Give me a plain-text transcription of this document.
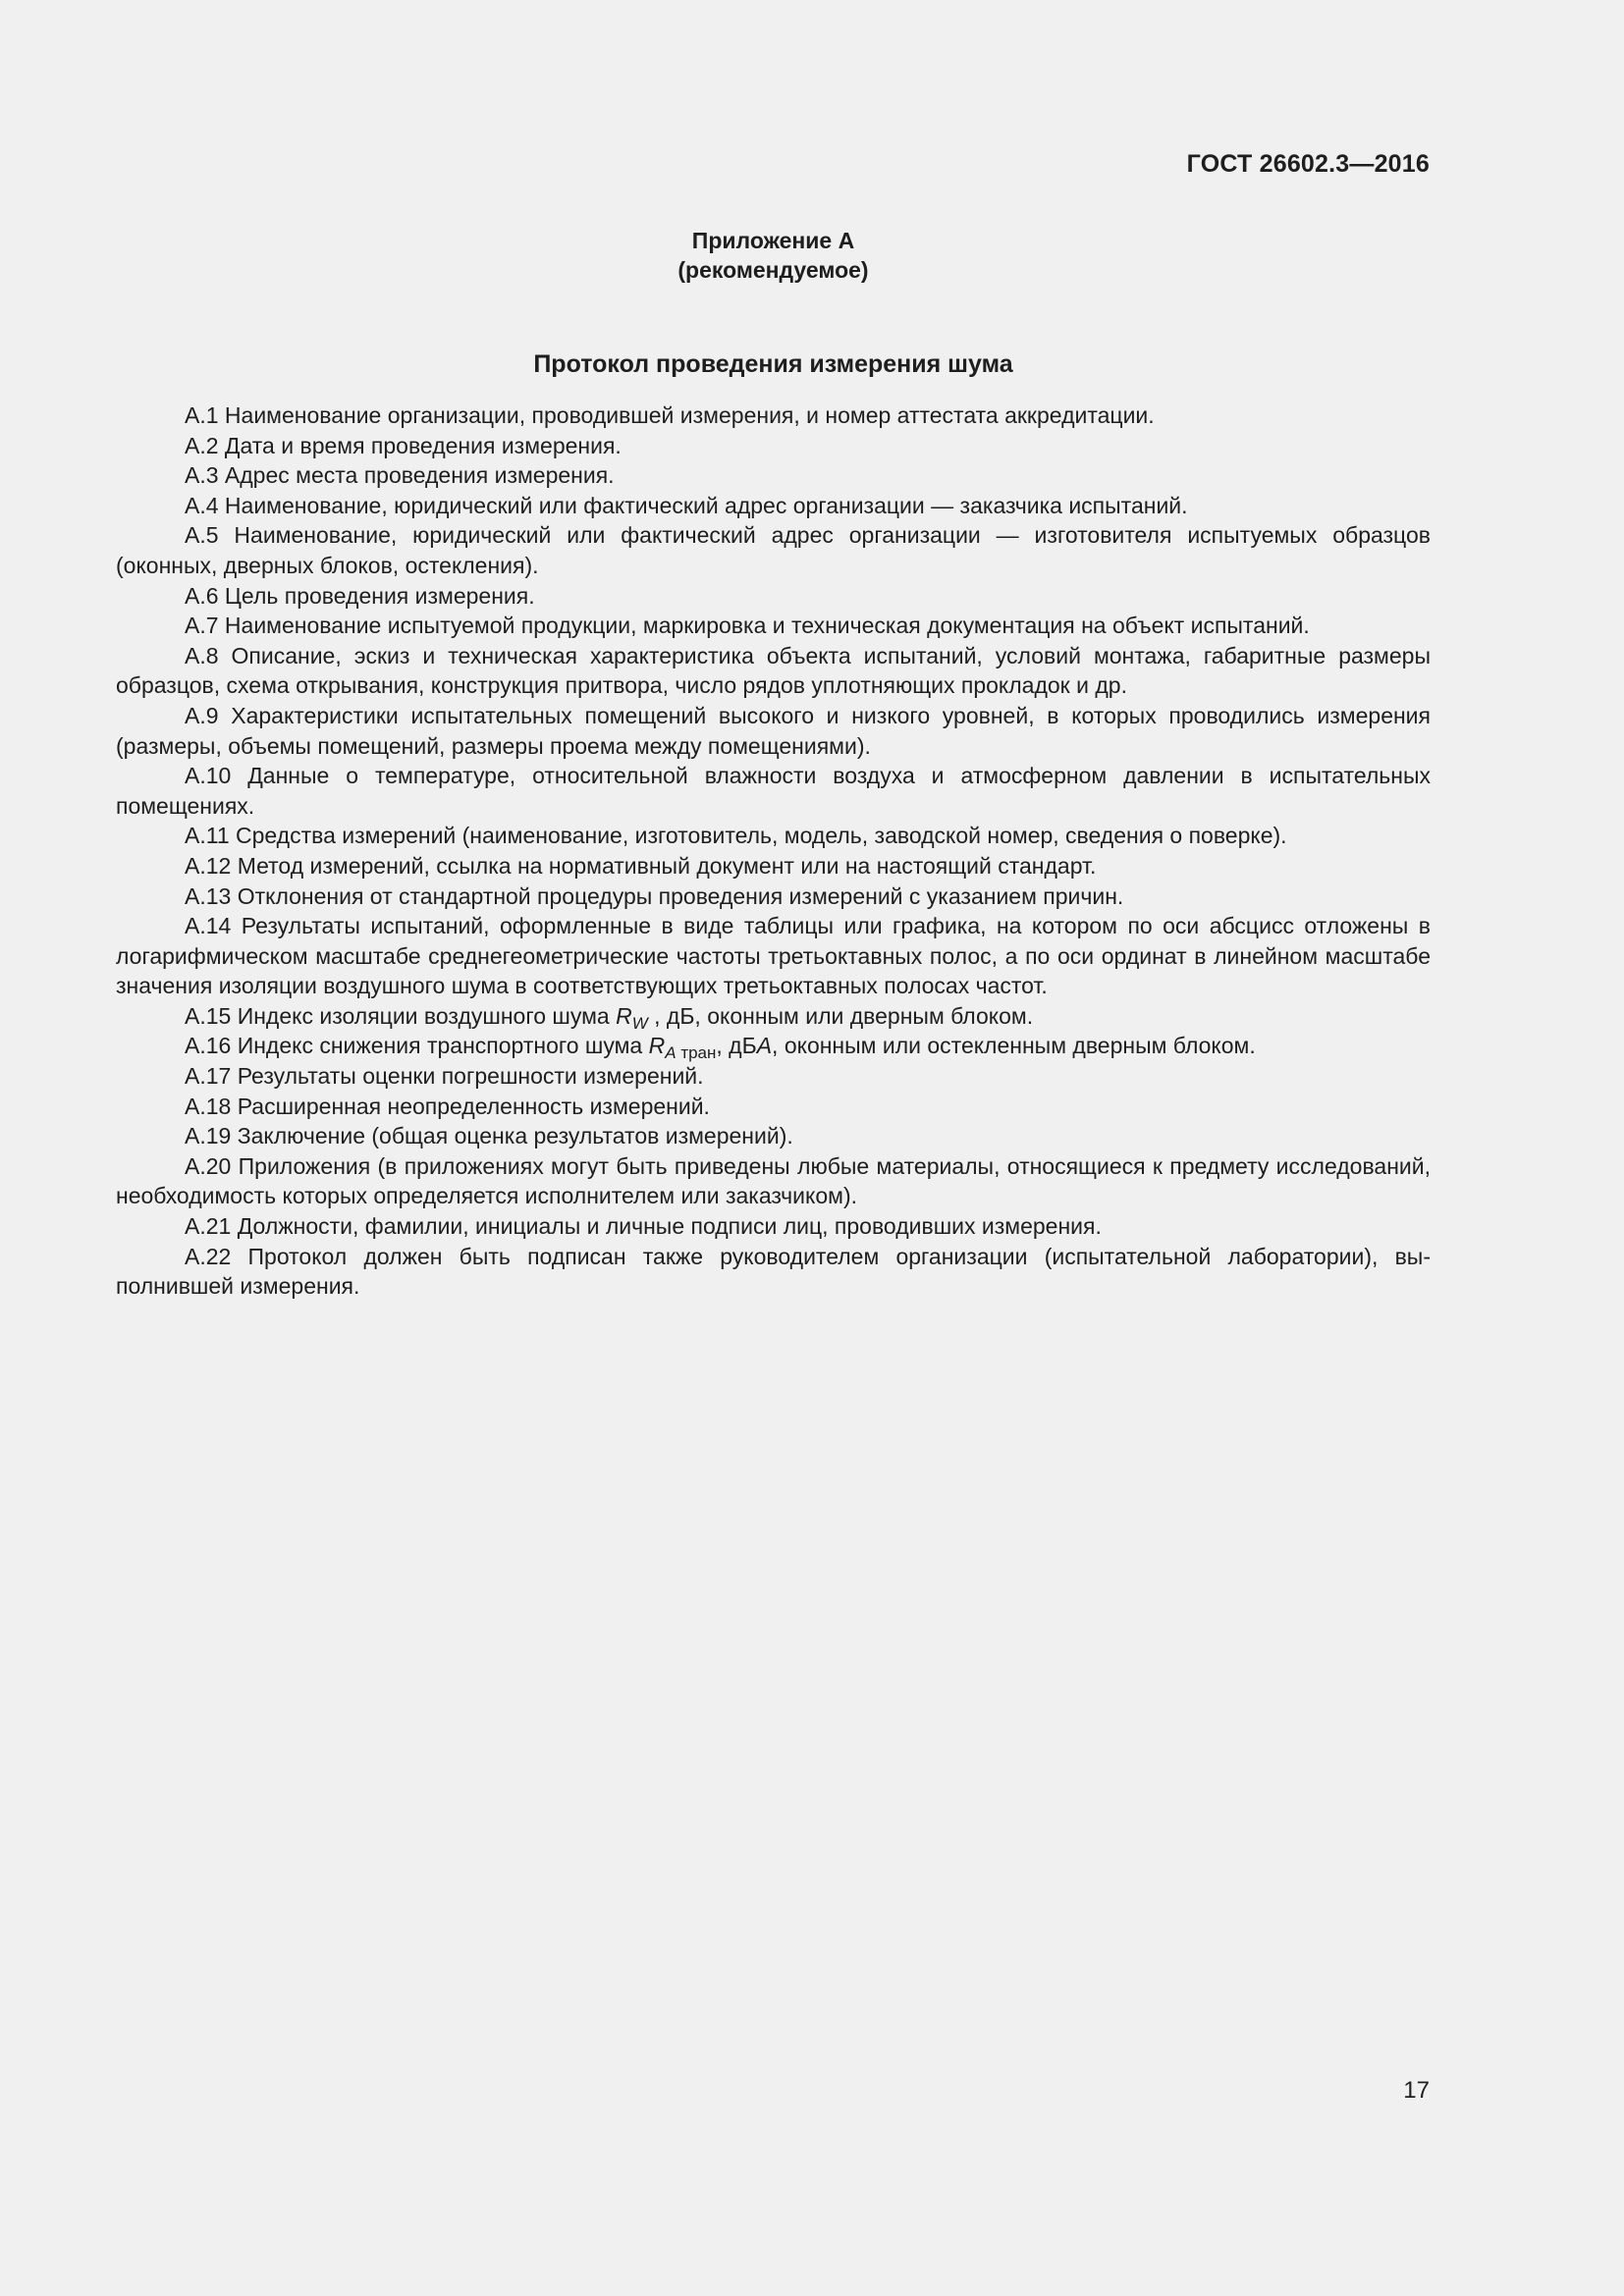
ГОСТ 26602.3—2016
Приложение А
(рекомендуемое)
Протокол проведения измерения шума

А.1 Наименование организации, проводившей измерения, и номер аттестата аккредитации.

А.2 Дата и время проведения измерения.

А.3 Адрес места проведения измерения.

А.4 Наименование, юридический или фактический адрес организации — заказчика испытаний.

А.5 Наименование, юридический или фактический адрес организации — изготовителя испытуемых образцов (оконных, дверных блоков, остекления).

А.6 Цель проведения измерения.

А.7 Наименование испытуемой продукции, маркировка и техническая документация на объект испытаний.

А.8 Описание, эскиз и техническая характеристика объекта испытаний, условий монтажа, габаритные размеры образцов, схема открывания, конструкция притвора, число рядов уплотняющих прокладок и др.

А.9 Характеристики испытательных помещений высокого и низкого уровней, в которых проводились измерения (размеры, объемы помещений, размеры проема между помещениями).

А.10 Данные о температуре, относительной влажности воздуха и атмосферном давлении в испытательных помещениях.

А.11 Средства измерений (наименование, изготовитель, модель, заводской номер, сведения о поверке).

А.12 Метод измерений, ссылка на нормативный документ или на настоящий стандарт.

А.13 Отклонения от стандартной процедуры проведения измерений с указанием причин.

А.14 Результаты испытаний, оформленные в виде таблицы или графика, на котором по оси абсцисс отложены в логарифмическом масштабе среднегеометрические частоты третьоктавных полос, а по оси ординат в линейном масштабе значения изоляции воздушного шума в соответствующих третьоктавных полосах частот.

А.15 Индекс изоляции воздушного шума $R_W$ , дБ, оконным или дверным блоком.

А.16 Индекс снижения транспортного шума $R_{A тран}$, дБА, оконным или остекленным дверным блоком.

А.17 Результаты оценки погрешности измерений.

А.18 Расширенная неопределенность измерений.

А.19 Заключение (общая оценка результатов измерений).

А.20 Приложения (в приложениях могут быть приведены любые материалы, относящиеся к предмету исследований, необходимость которых определяется исполнителем или заказчиком).

А.21 Должности, фамилии, инициалы и личные подписи лиц, проводивших измерения.

А.22 Протокол должен быть подписан также руководителем организации (испытательной лаборатории), выполнившей измерения.

17
